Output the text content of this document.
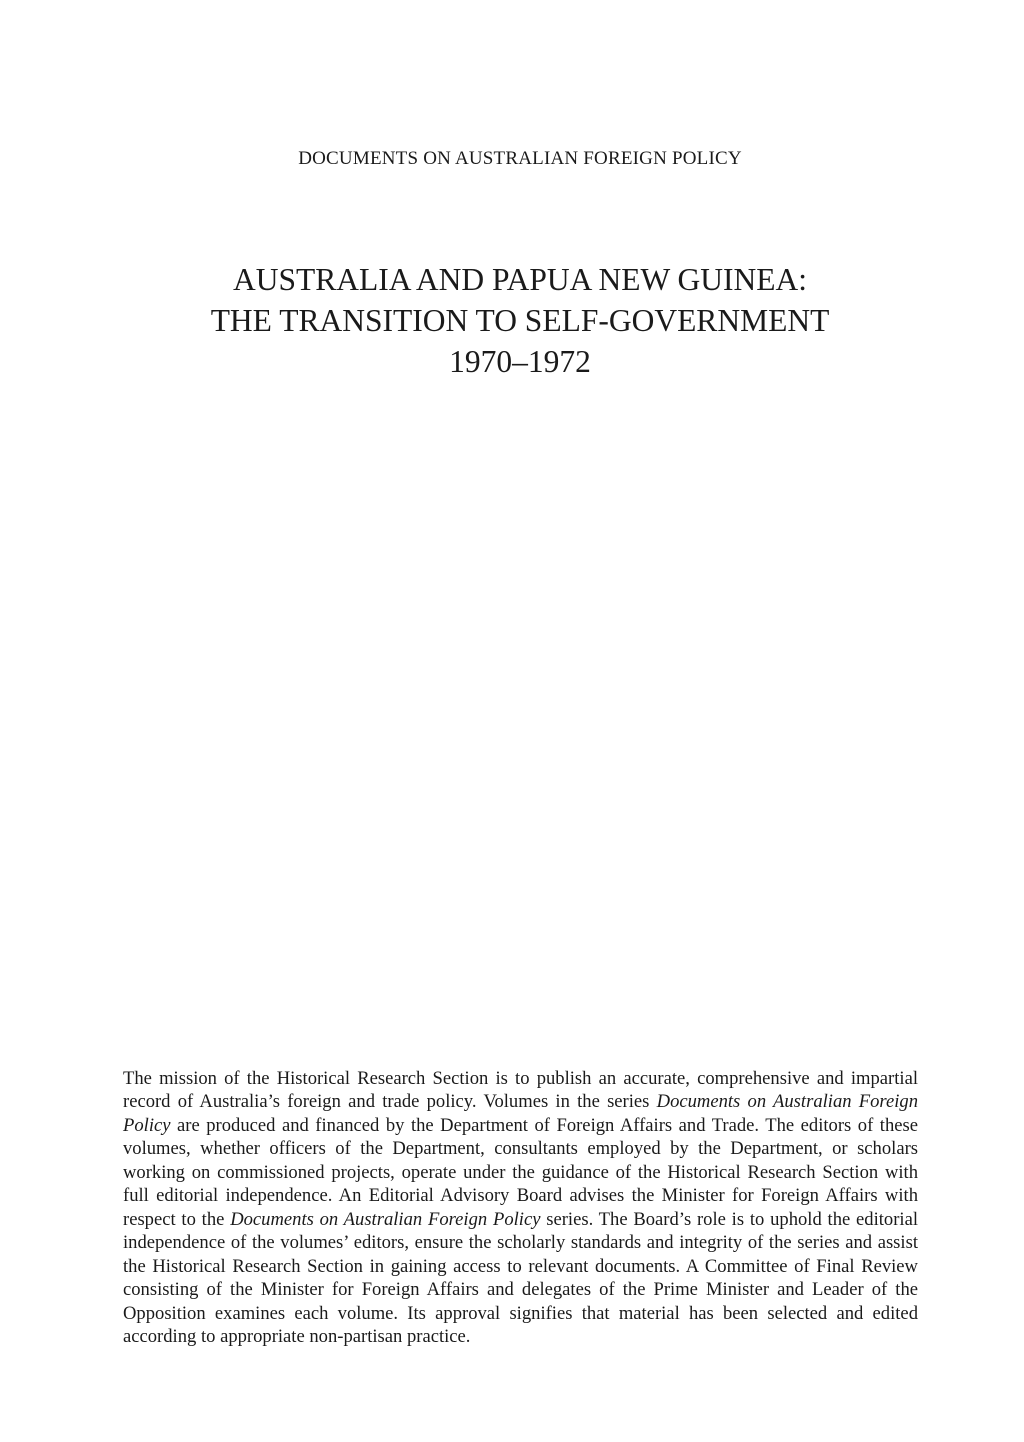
DOCUMENTS ON AUSTRALIAN FOREIGN POLICY
AUSTRALIA AND PAPUA NEW GUINEA:
THE TRANSITION TO SELF-GOVERNMENT
1970–1972

The mission of the Historical Research Section is to publish an accurate, comprehensive and impartial record of Australia’s foreign and trade policy. Volumes in the series Documents on Australian Foreign Policy are produced and financed by the Department of Foreign Affairs and Trade. The editors of these volumes, whether officers of the Department, consultants employed by the Department, or scholars working on commissioned projects, operate under the guidance of the Historical Research Section with full editorial independence. An Editorial Advisory Board advises the Minister for Foreign Affairs with respect to the Documents on Australian Foreign Policy series. The Board’s role is to uphold the editorial independence of the volumes’ editors, ensure the scholarly standards and integrity of the series and assist the Historical Research Section in gaining access to relevant documents. A Committee of Final Review consisting of the Minister for Foreign Affairs and delegates of the Prime Minister and Leader of the Opposition examines each volume. Its approval signifies that material has been selected and edited according to appropriate non-partisan practice.
